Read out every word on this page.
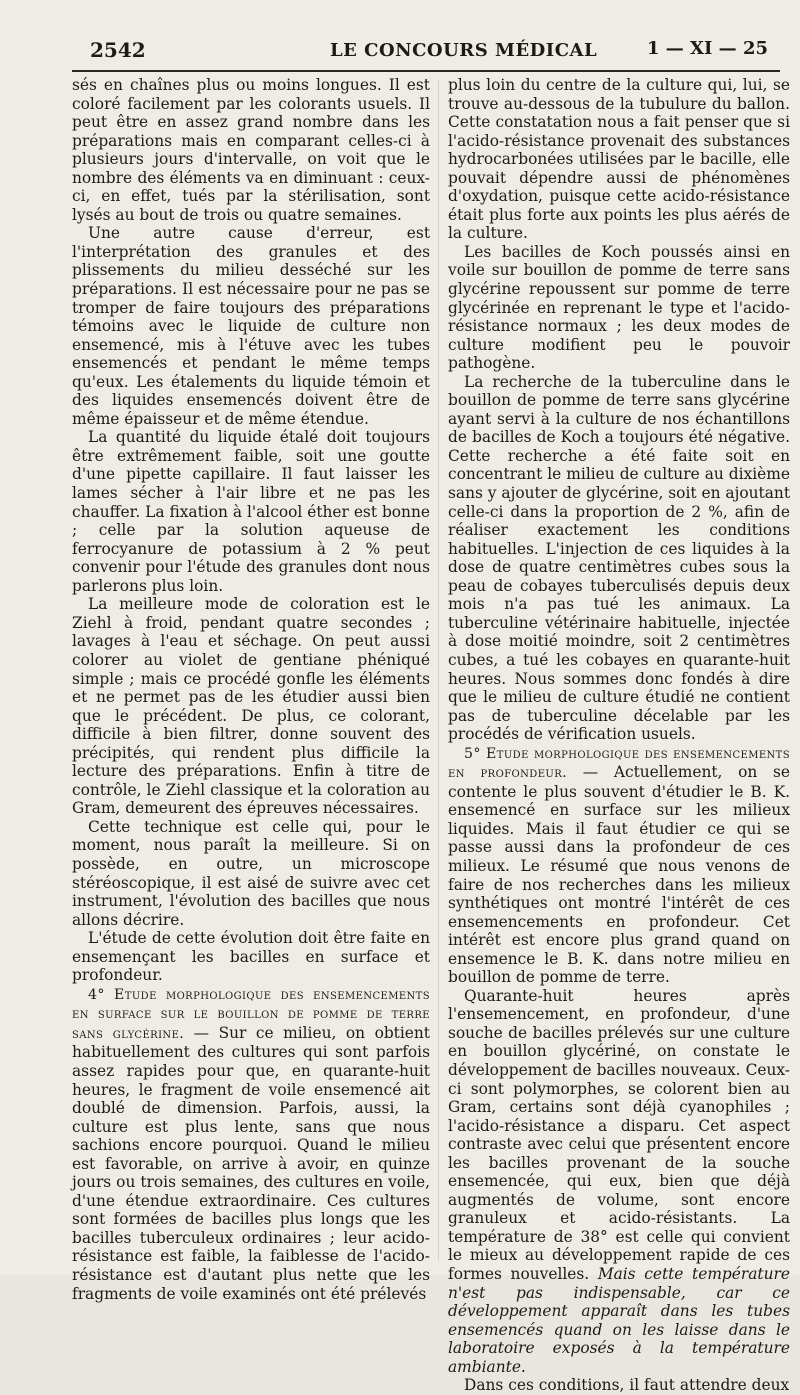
2542	LE CONCOURS MÉDICAL	1 — XI — 25

sés en chaînes plus ou moins longues. Il est coloré facilement par les colorants usuels. Il peut être en assez grand nombre dans les préparations mais en comparant celles-ci à plusieurs jours d'intervalle, on voit que le nombre des éléments va en diminuant : ceux-ci, en effet, tués par la stérilisation, sont lysés au bout de trois ou quatre semaines.

Une autre cause d'erreur, est l'interprétation des granules et des plissements du milieu desséché sur les préparations. Il est nécessaire pour ne pas se tromper de faire toujours des préparations témoins avec le liquide de culture non ensemencé, mis à l'étuve avec les tubes ensemencés et pendant le même temps qu'eux. Les étalements du liquide témoin et des liquides ensemencés doivent être de même épaisseur et de même étendue.

La quantité du liquide étalé doit toujours être extrêmement faible, soit une goutte d'une pipette capillaire. Il faut laisser les lames sécher à l'air libre et ne pas les chauffer. La fixation à l'alcool éther est bonne ; celle par la solution aqueuse de ferrocyanure de potassium à 2 % peut convenir pour l'étude des granules dont nous parlerons plus loin.

La meilleure mode de coloration est le Ziehl à froid, pendant quatre secondes ; lavages à l'eau et séchage. On peut aussi colorer au violet de gentiane phéniqué simple ; mais ce procédé gonfle les éléments et ne permet pas de les étudier aussi bien que le précédent. De plus, ce colorant, difficile à bien filtrer, donne souvent des précipités, qui rendent plus difficile la lecture des préparations. Enfin à titre de contrôle, le Ziehl classique et la coloration au Gram, demeurent des épreuves nécessaires.

Cette technique est celle qui, pour le moment, nous paraît la meilleure. Si on possède, en outre, un microscope stéréoscopique, il est aisé de suivre avec cet instrument, l'évolution des bacilles que nous allons décrire.

L'étude de cette évolution doit être faite en ensemençant les bacilles en surface et profondeur.

4° Etude morphologique des ensemencements en surface sur le bouillon de pomme de terre sans glycérine. — Sur ce milieu, on obtient habituellement des cultures qui sont parfois assez rapides pour que, en quarante-huit heures, le fragment de voile ensemencé ait doublé de dimension. Parfois, aussi, la culture est plus lente, sans que nous sachions encore pourquoi. Quand le milieu est favorable, on arrive à avoir, en quinze jours ou trois semaines, des cultures en voile, d'une étendue extraordinaire. Ces cultures sont formées de bacilles plus longs que les bacilles tuberculeux ordinaires ; leur acido-résistance est faible, la faiblesse de l'acido-résistance est d'autant plus nette que les fragments de voile examinés ont été prélevés

plus loin du centre de la culture qui, lui, se trouve au-dessous de la tubulure du ballon. Cette constatation nous a fait penser que si l'acido-résistance provenait des substances hydrocarbonées utilisées par le bacille, elle pouvait dépendre aussi de phénomènes d'oxydation, puisque cette acido-résistance était plus forte aux points les plus aérés de la culture.

Les bacilles de Koch poussés ainsi en voile sur bouillon de pomme de terre sans glycérine repoussent sur pomme de terre glycérinée en reprenant le type et l'acido-résistance normaux ; les deux modes de culture modifient peu le pouvoir pathogène.

La recherche de la tuberculine dans le bouillon de pomme de terre sans glycérine ayant servi à la culture de nos échantillons de bacilles de Koch a toujours été négative. Cette recherche a été faite soit en concentrant le milieu de culture au dixième sans y ajouter de glycérine, soit en ajoutant celle-ci dans la proportion de 2 %, afin de réaliser exactement les conditions habituelles. L'injection de ces liquides à la dose de quatre centimètres cubes sous la peau de cobayes tuberculisés depuis deux mois n'a pas tué les animaux. La tuberculine vétérinaire habituelle, injectée à dose moitié moindre, soit 2 centimètres cubes, a tué les cobayes en quarante-huit heures. Nous sommes donc fondés à dire que le milieu de culture étudié ne contient pas de tuberculine décelable par les procédés de vérification usuels.

5° Etude morphologique des ensemencements en profondeur. — Actuellement, on se contente le plus souvent d'étudier le B. K. ensemencé en surface sur les milieux liquides. Mais il faut étudier ce qui se passe aussi dans la profondeur de ces milieux. Le résumé que nous venons de faire de nos recherches dans les milieux synthétiques ont montré l'intérêt de ces ensemencements en profondeur. Cet intérêt est encore plus grand quand on ensemence le B. K. dans notre milieu en bouillon de pomme de terre.

Quarante-huit heures après l'ensemencement, en profondeur, d'une souche de bacilles prélevés sur une culture en bouillon glycériné, on constate le développement de bacilles nouveaux. Ceux-ci sont polymorphes, se colorent bien au Gram, certains sont déjà cyanophiles ; l'acido-résistance a disparu. Cet aspect contraste avec celui que présentent encore les bacilles provenant de la souche ensemencée, qui eux, bien que déjà augmentés de volume, sont encore granuleux et acido-résistants. La température de 38° est celle qui convient le mieux au développement rapide de ces formes nouvelles. Mais cette température n'est pas indispensable, car ce développement apparaît dans les tubes ensemencés quand on les laisse dans le laboratoire exposés à la température ambiante.

Dans ces conditions, il faut attendre deux
